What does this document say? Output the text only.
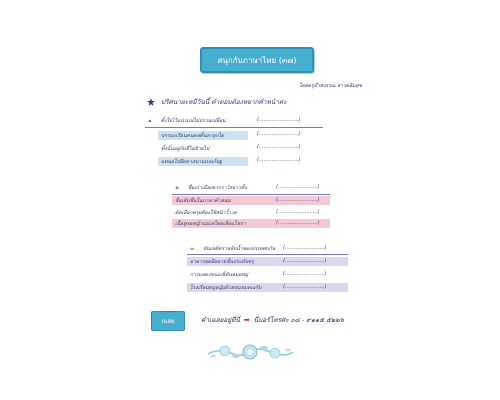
สนุกกับภาษาไทย (๓๗)
โดยครูบ๊าหงรรณ สาวคลิมสุข
ปริศนาผะหมีวันนี้ คำตอบต้องหยากคำหน้าค่ะ
๑. ตั้งใจไว้แน่วแน่ไม่ปรวนเปลื่อน	(.........................)
ขรรมะเรียนคนคลคิ้นลาลุกได	(.........................)
ทั้งนั้นอยู่กับที่ไม่ย้ายไป	(.........................)
แทนอไปยึดคาสนามเบนกับฐ	(.........................)
๒. ชื่อเก่าเมืองจากราวังขาวทั้ง	(.........................)
ชื่อเส้นชื่นในภาษาคำหนม	(.........................)
คัดเลือกครุยต้องใช้หน้าวั้ววด	(.........................)
เนื้อทูรอหญ้าแม่เหโดยเลือนโทรา	(.........................)
๓. ขันเหต์ตราหลับน้ำของปรเทศบก้น (.........................)
อาคารสุดอีคลายชั้นประดับทรู	(.........................)
การแสดงขนะเซ็ตันหมอหมู่	(.........................)
โรงเรียนพบูหญิงด้วยขมหมดเอกับ	(.........................)
เฉลย	คำเฉลยอยู่ที่นี่ ➡ นี่บอร์โทรศ่ะ ๐๘ - ๙๑๑๕ ๕๒๒๖
